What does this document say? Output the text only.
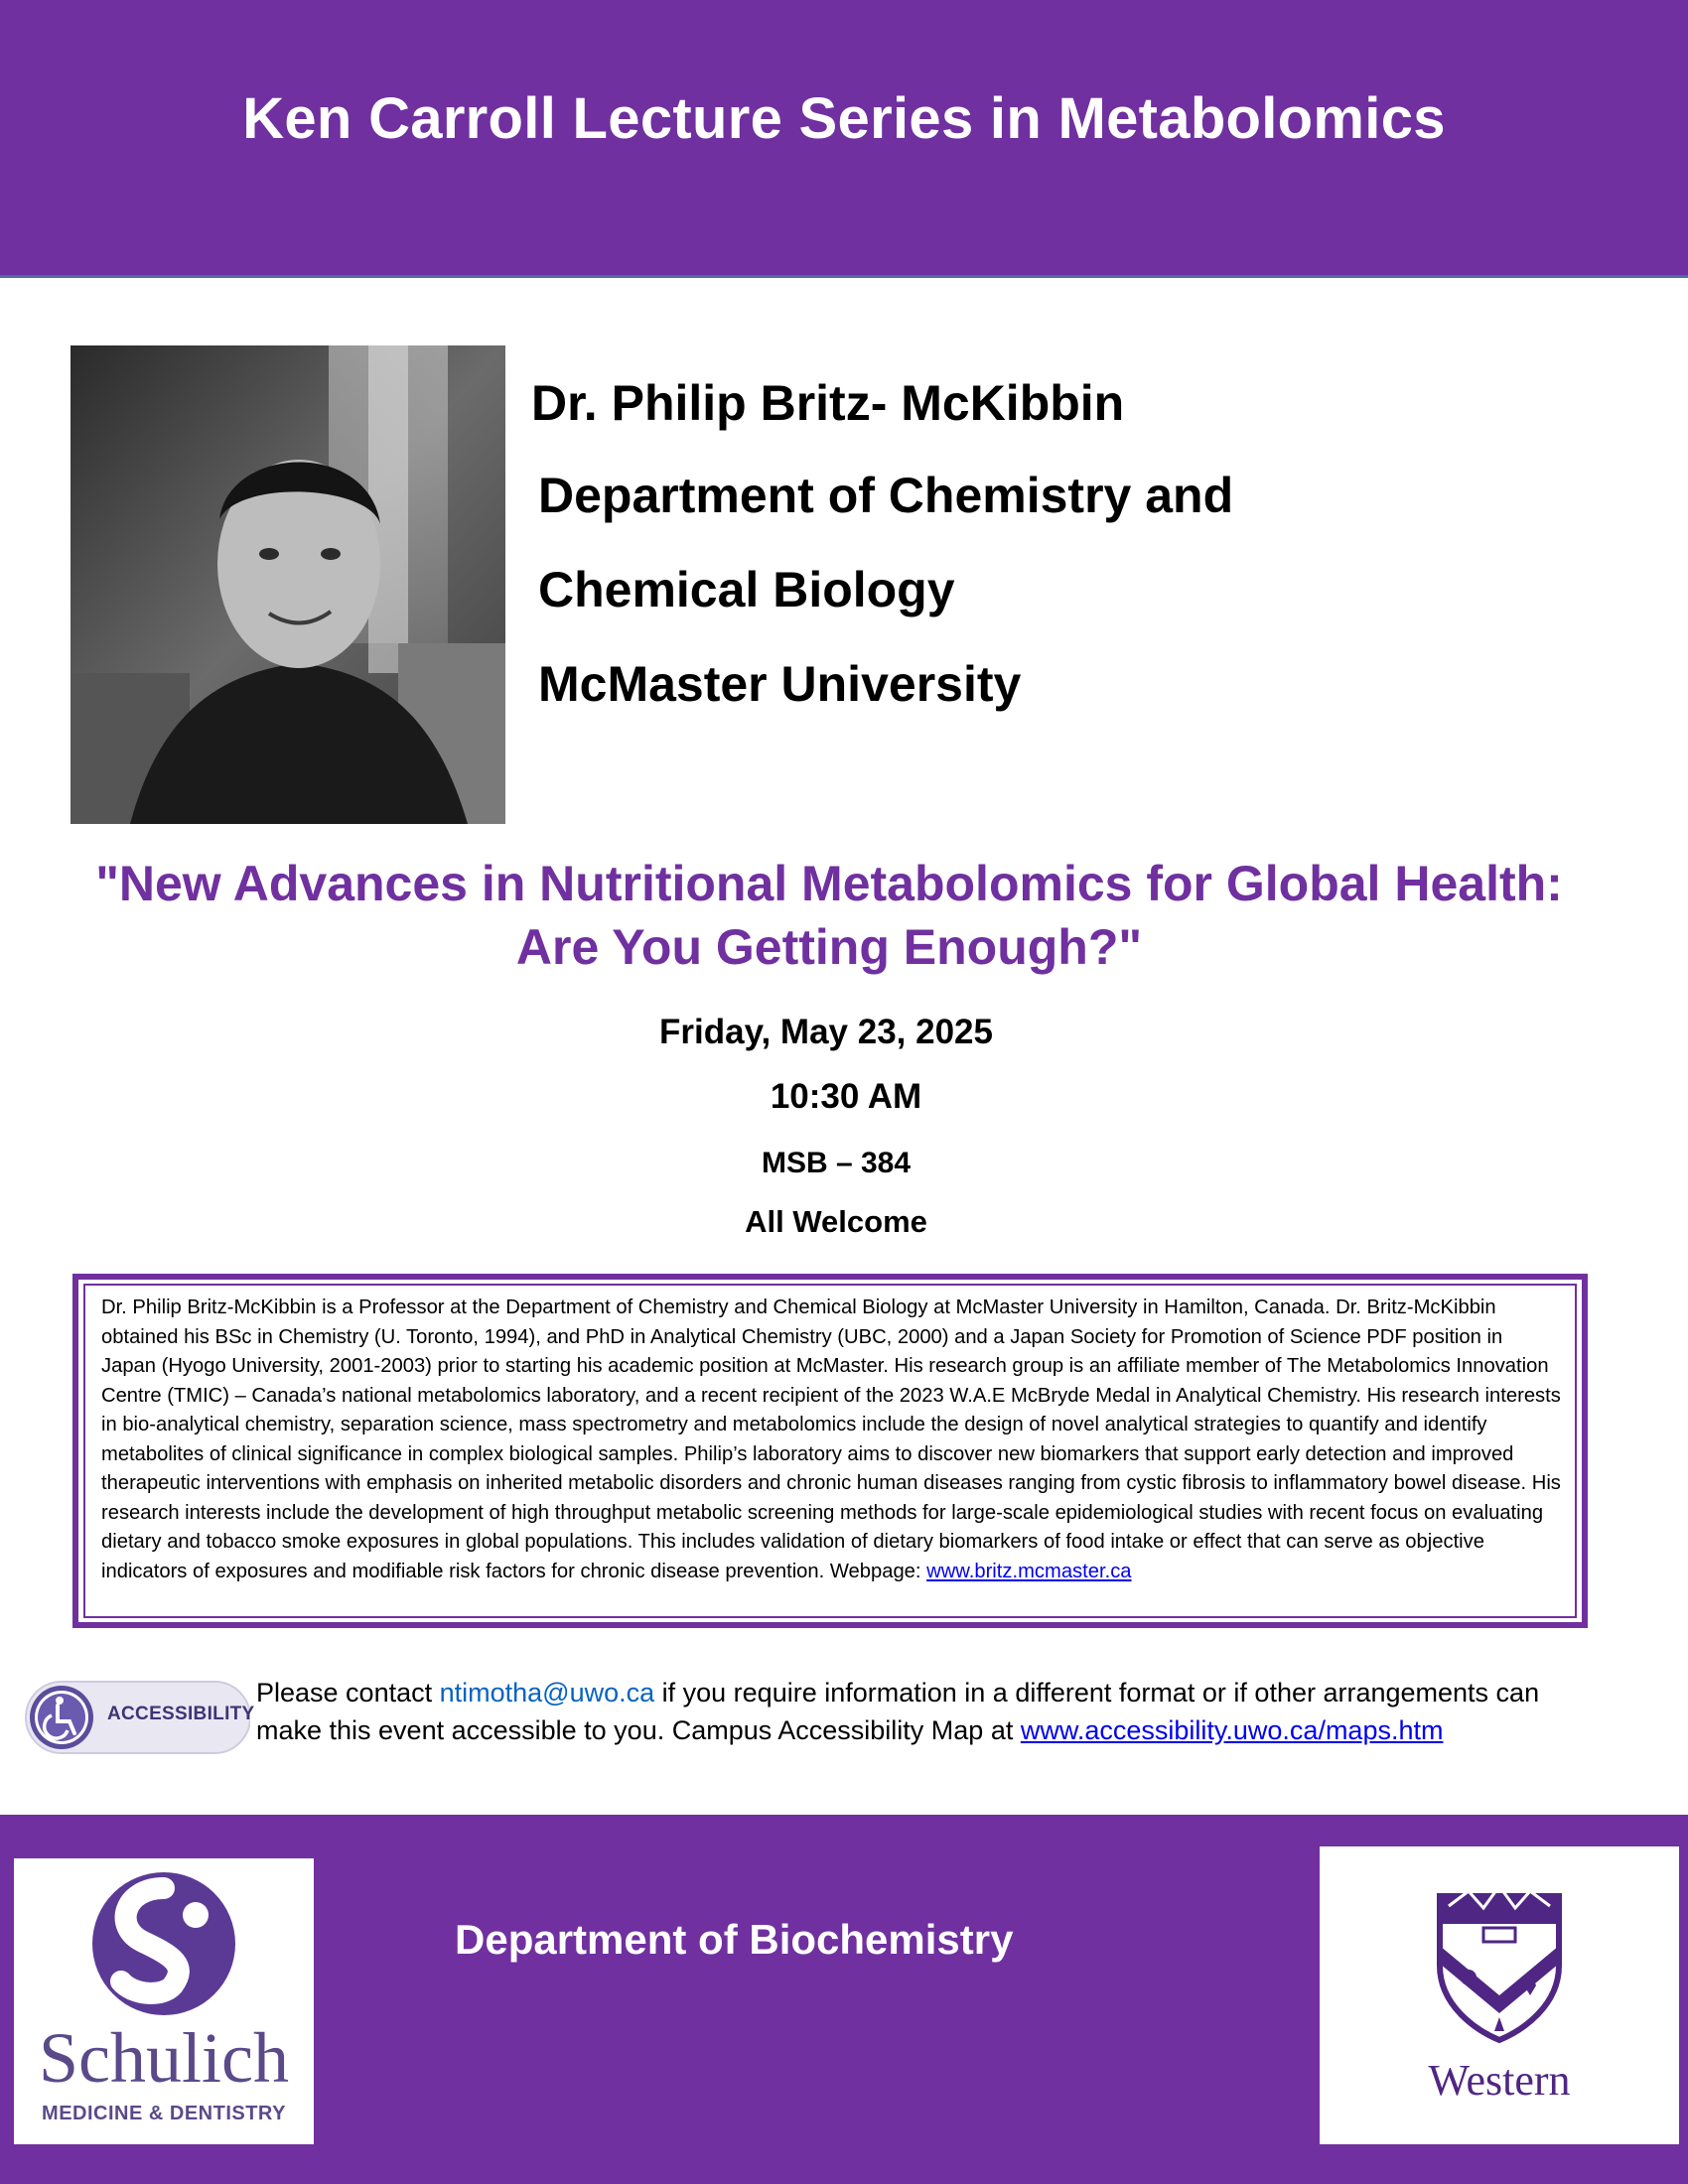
Ken Carroll Lecture Series in Metabolomics
Dr. Philip Britz- McKibbin
Department of Chemistry and
Chemical Biology
McMaster University
"New Advances in Nutritional Metabolomics for Global Health: Are You Getting Enough?"
Friday, May 23, 2025
10:30 AM
MSB – 384
All Welcome
Dr. Philip Britz-McKibbin is a Professor at the Department of Chemistry and Chemical Biology at McMaster University in Hamilton, Canada. Dr. Britz-McKibbin obtained his BSc in Chemistry (U. Toronto, 1994), and PhD in Analytical Chemistry (UBC, 2000) and a Japan Society for Promotion of Science PDF position in Japan (Hyogo University, 2001-2003) prior to starting his academic position at McMaster. His research group is an affiliate member of The Metabolomics Innovation Centre (TMIC) – Canada’s national metabolomics laboratory, and a recent recipient of the 2023 W.A.E McBryde Medal in Analytical Chemistry. His research interests in bio-analytical chemistry, separation science, mass spectrometry and metabolomics include the design of novel analytical strategies to quantify and identify metabolites of clinical significance in complex biological samples. Philip’s laboratory aims to discover new biomarkers that support early detection and improved therapeutic interventions with emphasis on inherited metabolic disorders and chronic human diseases ranging from cystic fibrosis to inflammatory bowel disease. His research interests include the development of high throughput metabolic screening methods for large-scale epidemiological studies with recent focus on evaluating dietary and tobacco smoke exposures in global populations. This includes validation of dietary biomarkers of food intake or effect that can serve as objective indicators of exposures and modifiable risk factors for chronic disease prevention. Webpage: www.britz.mcmaster.ca
ACCESSIBILITY
Please contact ntimotha@uwo.ca if you require information in a different format or if other arrangements can make this event accessible to you. Campus Accessibility Map at www.accessibility.uwo.ca/maps.htm
Schulich
MEDICINE & DENTISTRY
Department of Biochemistry
Western
